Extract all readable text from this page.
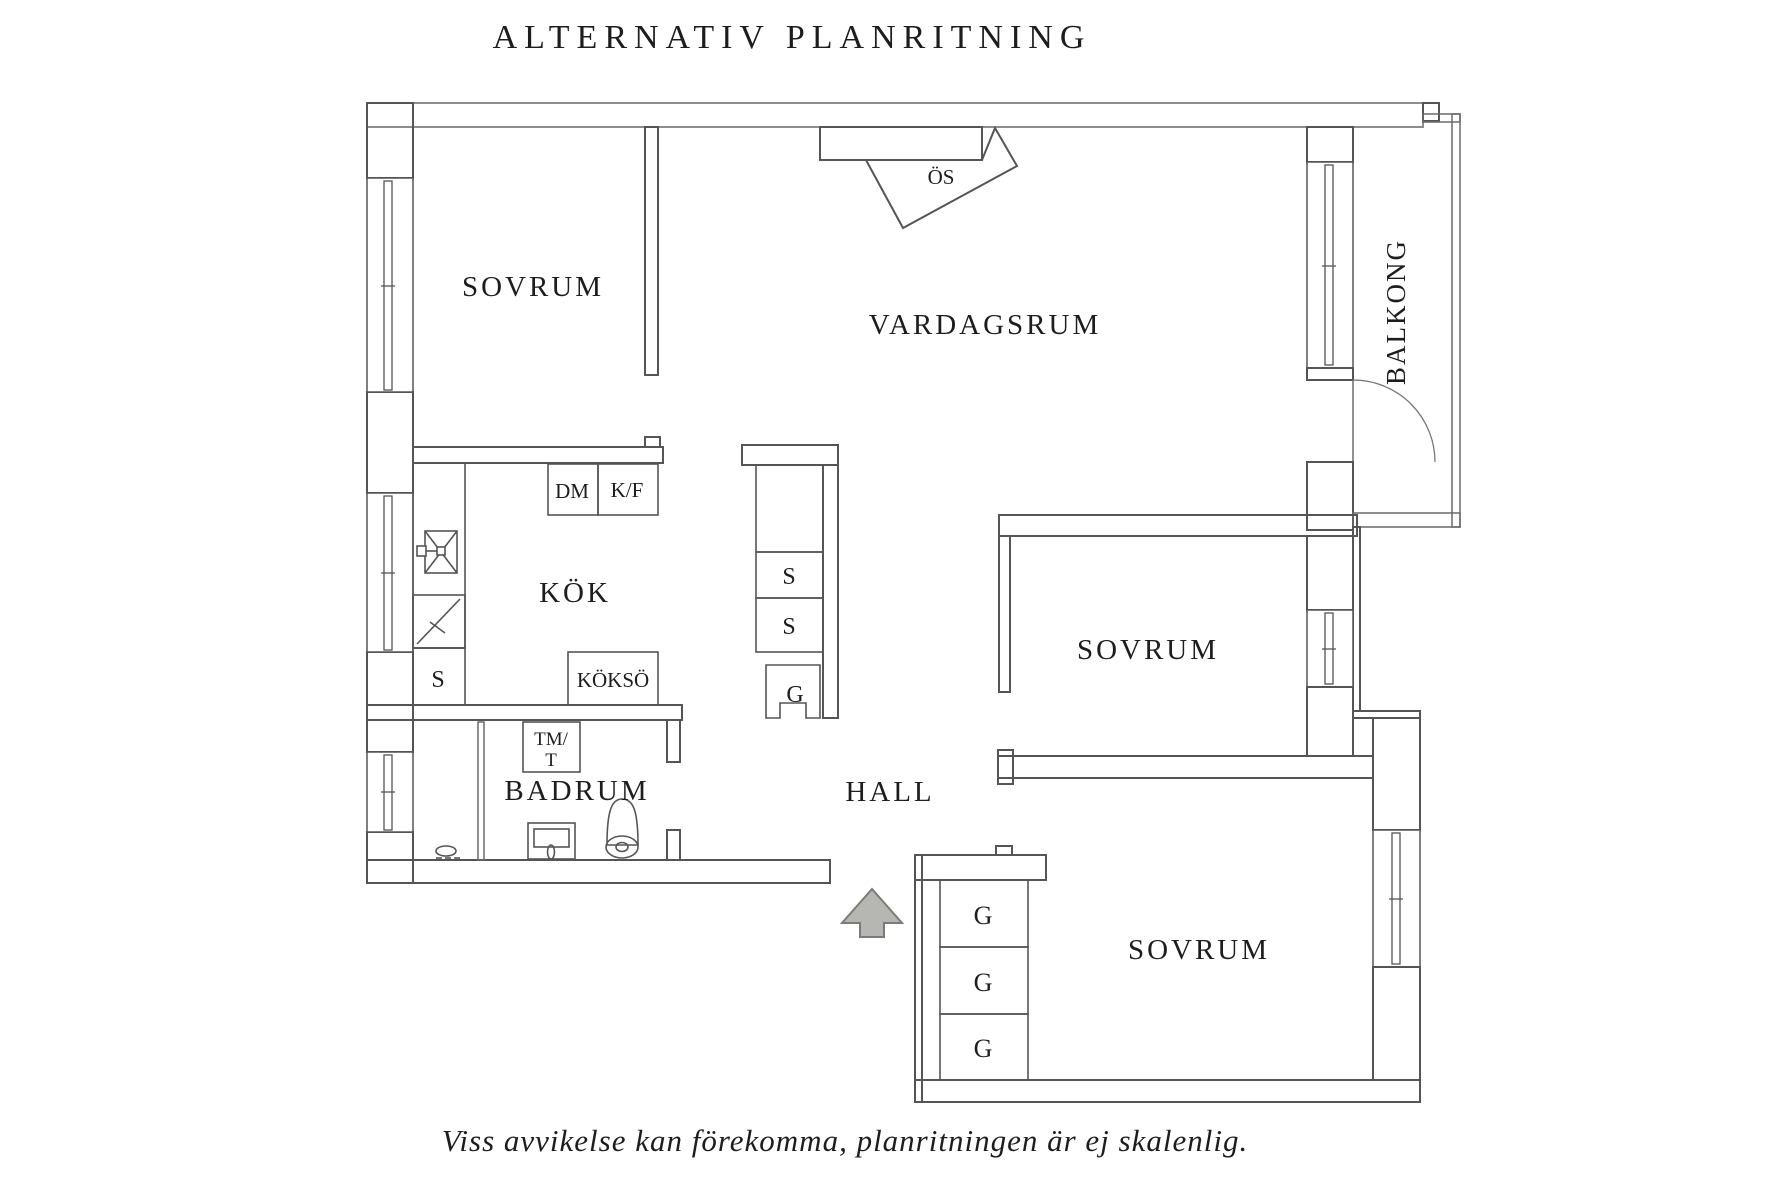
ALTERNATIV PLANRITNING
SOVRUM
VARDAGSRUM	BALKONG
KÖK
SOVRUM
BADRUM	HALL
SOVRUM
ÖS
DM K/F
S	KÖKSÖ
TM/
T
S
S
G
G
G
G
Viss avvikelse kan förekomma, planritningen är ej skalenlig.
